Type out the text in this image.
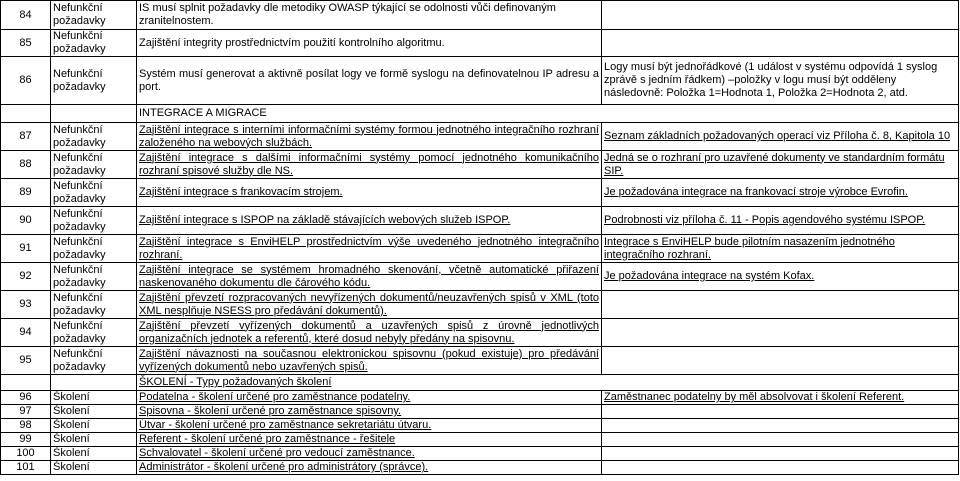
84	Nefunkční požadavky	IS musí splnit požadavky dle metodiky OWASP týkající se odolnosti vůči definovaným zranitelnostem.	
85	Nefunkční požadavky	Zajištění integrity prostřednictvím použití kontrolního algoritmu.	
86	Nefunkční požadavky	Systém musí generovat a aktivně posílat logy ve formě syslogu na definovatelnou IP adresu a port.	Logy musí být jednořádkové (1 událost v systému odpovídá 1 syslog zprávě s jedním řádkem) –položky v logu musí být odděleny následovně: Položka 1=Hodnota 1, Položka 2=Hodnota 2, atd.
		INTEGRACE A MIGRACE	
87	Nefunkční požadavky	Zajištění integrace s interními informačními systémy formou jednotného integračního rozhraní založeného na webových službách.	Seznam základních požadovaných operací viz Příloha č. 8, Kapitola 10
88	Nefunkční požadavky	Zajištění integrace s dalšími informačními systémy pomocí jednotného komunikačního rozhraní spisové služby dle NS.	Jedná se o rozhraní pro uzavřené dokumenty ve standardním formátu SIP.
89	Nefunkční požadavky	Zajištění integrace s frankovacím strojem.	Je požadována integrace na frankovací stroje výrobce Evrofin.
90	Nefunkční požadavky	Zajištění integrace s ISPOP na základě stávajících webových služeb ISPOP.	Podrobnosti viz příloha č. 11 - Popis agendového systému ISPOP.
91	Nefunkční požadavky	Zajištění integrace s EnviHELP prostřednictvím výše uvedeného jednotného integračního rozhraní.	Integrace s EnviHELP bude pilotním nasazením jednotného integračního rozhraní.
92	Nefunkční požadavky	Zajištění integrace se systémem hromadného skenování, včetně automatické přiřazení naskenovaného dokumentu dle čárového kódu.	Je požadována integrace na systém Kofax.
93	Nefunkční požadavky	Zajištění převzetí rozpracovaných nevyřízených dokumentů/neuzavřených spisů v XML (toto XML nesplňuje NSESS pro předávání dokumentů).	
94	Nefunkční požadavky	Zajištění převzetí vyřízených dokumentů a uzavřených spisů z úrovně jednotlivých organizačních jednotek a referentů, které dosud nebyly předány na spisovnu.	
95	Nefunkční požadavky	Zajištění návaznosti na současnou elektronickou spisovnu (pokud existuje) pro předávání vyřízených dokumentů nebo uzavřených spisů.	
		ŠKOLENÍ - Typy požadovaných školení	
96	Školení	Podatelna - školení určené pro zaměstnance podatelny.	Zaměstnanec podatelny by měl absolvovat i školení Referent.
97	Školení	Spisovna - školení určené pro zaměstnance spisovny.	
98	Školení	Útvar - školení určené pro zaměstnance sekretariátu útvaru.	
99	Školení	Referent - školení určené pro zaměstnance - řešitele	
100	Školení	Schvalovatel - školení určené pro vedoucí zaměstnance.	
101	Školení	Administrátor - školení určené pro administrátory (správce).	
